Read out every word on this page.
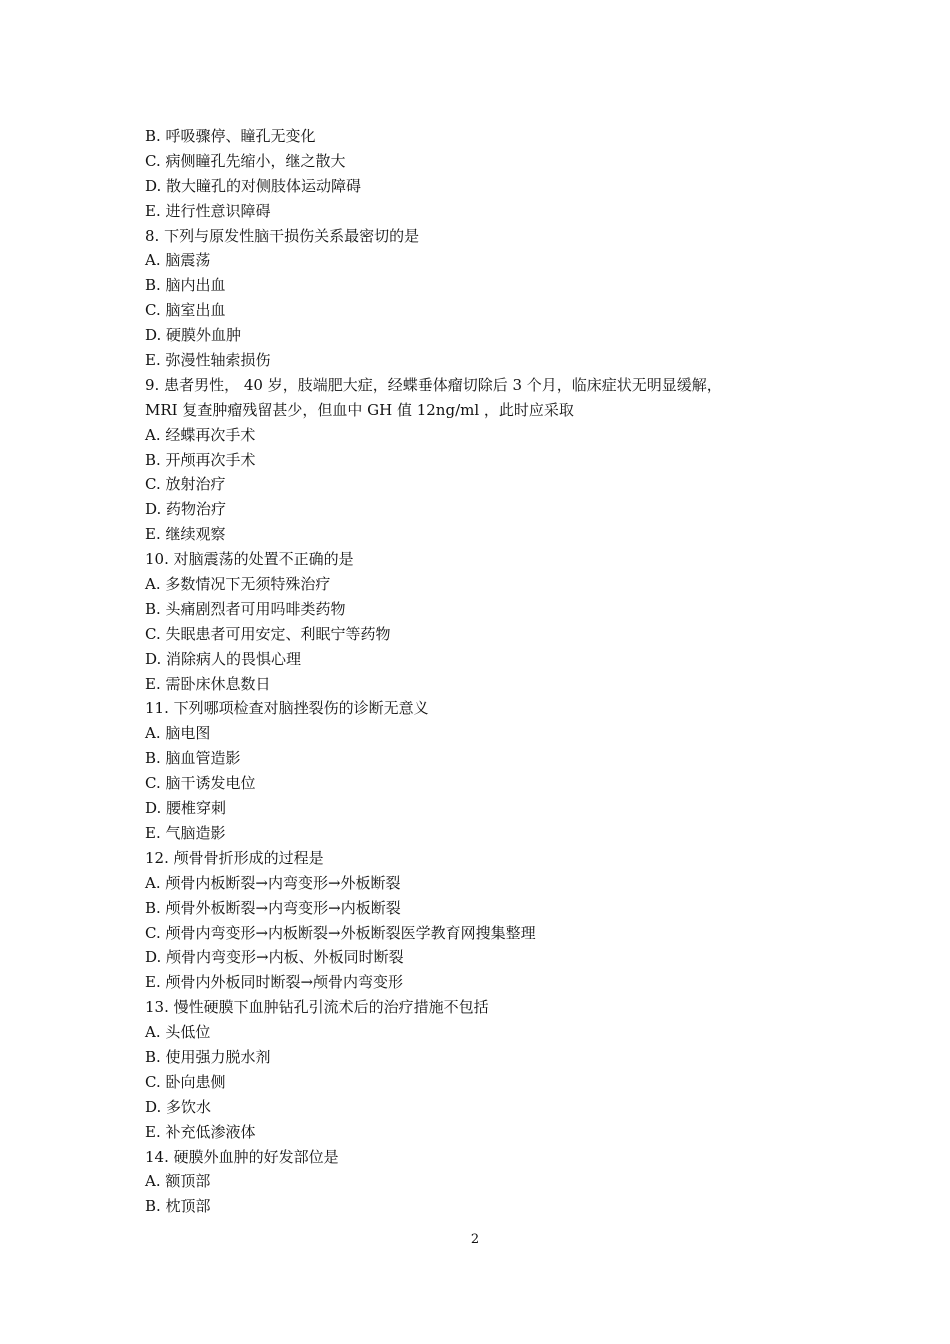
B. 呼吸骤停、瞳孔无变化
C. 病侧瞳孔先缩小，继之散大
D. 散大瞳孔的对侧肢体运动障碍
E. 进行性意识障碍
8. 下列与原发性脑干损伤关系最密切的是
A. 脑震荡
B. 脑内出血
C. 脑室出血
D. 硬膜外血肿
E. 弥漫性轴索损伤
9. 患者男性， 40 岁，肢端肥大症，经蝶垂体瘤切除后 3 个月，临床症状无明显缓解，
MRI 复查肿瘤残留甚少，但血中 GH 值 12ng/ml ，此时应采取
A. 经蝶再次手术
B. 开颅再次手术
C. 放射治疗
D. 药物治疗
E. 继续观察
10. 对脑震荡的处置不正确的是
A. 多数情况下无须特殊治疗
B. 头痛剧烈者可用吗啡类药物
C. 失眠患者可用安定、利眠宁等药物
D. 消除病人的畏惧心理
E. 需卧床休息数日
11. 下列哪项检查对脑挫裂伤的诊断无意义
A. 脑电图
B. 脑血管造影
C. 脑干诱发电位
D. 腰椎穿刺
E. 气脑造影
12. 颅骨骨折形成的过程是
A. 颅骨内板断裂→内弯变形→外板断裂
B. 颅骨外板断裂→内弯变形→内板断裂
C. 颅骨内弯变形→内板断裂→外板断裂医学教育网搜集整理
D. 颅骨内弯变形→内板、外板同时断裂
E. 颅骨内外板同时断裂→颅骨内弯变形
13. 慢性硬膜下血肿钻孔引流术后的治疗措施不包括
A. 头低位
B. 使用强力脱水剂
C. 卧向患侧
D. 多饮水
E. 补充低渗液体
14. 硬膜外血肿的好发部位是
A. 额顶部
B. 枕顶部
2
